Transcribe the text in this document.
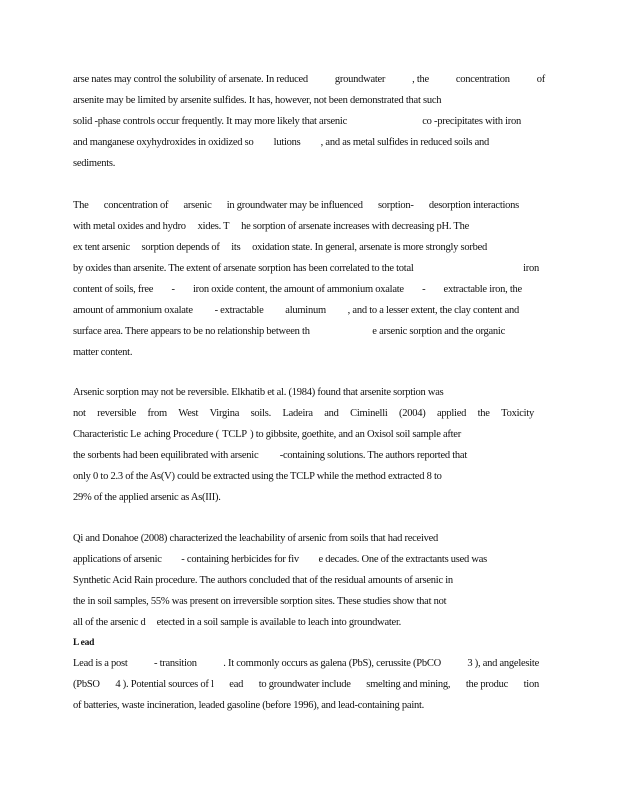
arse nates may control the solubility of arsenate. In reduced	groundwater	, the	concentration	of
arsenite may be limited by arsenite sulfides. It has, however, not been demonstrated that such
solid -phase controls occur frequently. It may more likely that arsenic	co -precipitates with iron
and manganese oxyhydroxides in oxidized so lutions , and as metal sulfides in reduced soils and
sediments.
The concentration of arsenic in groundwater may be influenced sorption- desorption interactions
with metal oxides and hydro xides. T he sorption of arsenate increases with decreasing pH. The
ex tent arsenic sorption depends of its oxidation state. In general, arsenate is more strongly sorbed
by oxides than arsenite. The extent of arsenate sorption has been correlated to the total	iron
content of soils, free - iron oxide content, the amount of ammonium oxalate - extractable iron, the
amount of ammonium oxalate - extractable aluminum , and to a lesser extent, the clay content and
surface area. There appears to be no relationship between th	e arsenic sorption and the organic
matter content.
Arsenic sorption may not be reversible. Elkhatib et al. (1984) found that arsenite sorption was
not reversible from West Virgina soils. Ladeira and Ciminelli (2004) applied the Toxicity
Characteristic Le aching Procedure ( TCLP ) to gibbsite, goethite, and an Oxisol soil sample after
the sorbents had been equilibrated with arsenic -containing solutions. The authors reported that
only 0 to 2.3 of the As(V) could be extracted using the TCLP while the method extracted 8 to
29% of the applied arsenic as As(III).
Qi and Donahoe (2008) characterized the leachability of arsenic from soils that had received
applications of arsenic - containing herbicides for fiv e decades. One of the extractants used was
Synthetic Acid Rain procedure. The authors concluded that of the residual amounts of arsenic in
the in soil samples, 55% was present on irreversible sorption sites. These studies show that not
all of the arsenic d etected in a soil sample is available to leach into groundwater.
L ead
Lead is a post	- transition	. It commonly occurs as galena (PbS), cerussite (PbCO	3 ), and angelesite
(PbSO 4 ). Potential sources of l ead to groundwater include smelting and mining, the produc tion
of batteries, waste incineration, leaded gasoline (before 1996), and lead-containing paint.
